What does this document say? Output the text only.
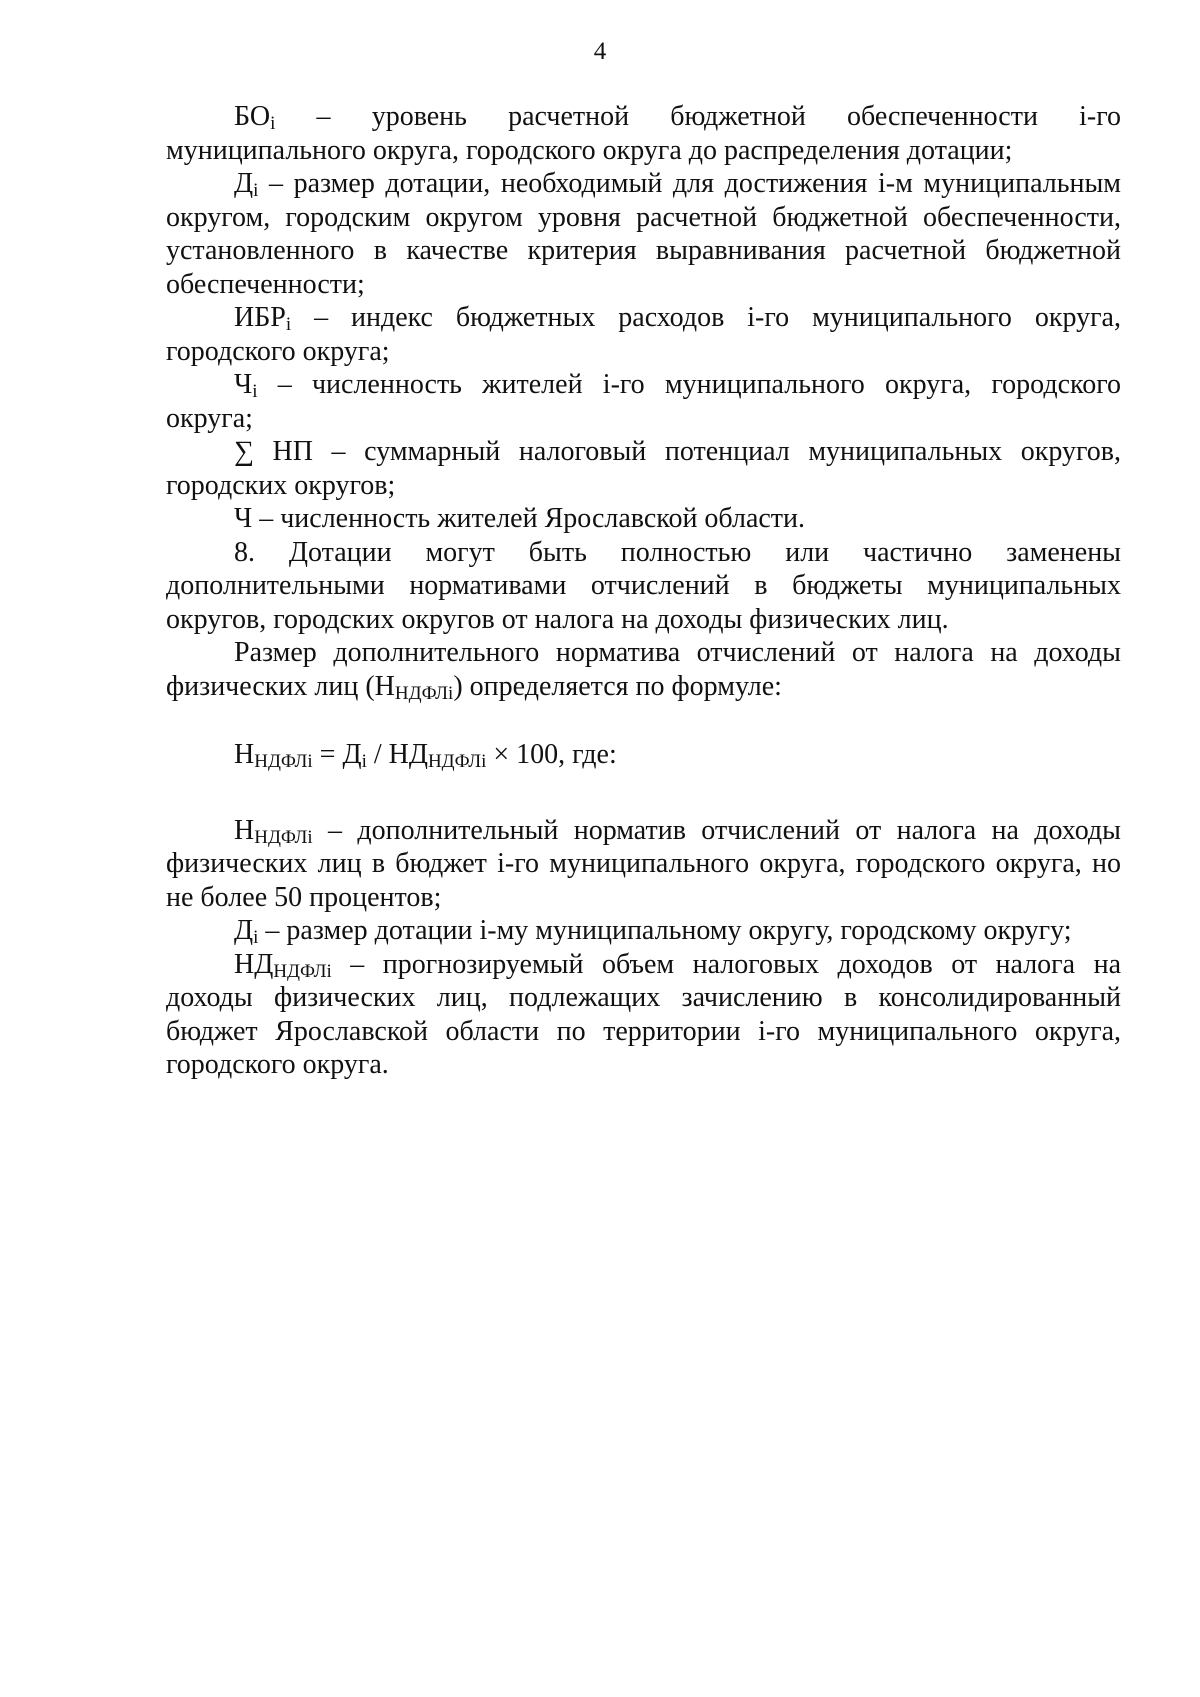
4

$БО_i$ – уровень расчетной бюджетной обеспеченности i-го муниципального округа, городского округа до распределения дотации;

$Д_i$ – размер дотации, необходимый для достижения i-м муниципальным округом, городским округом уровня расчетной бюджетной обеспеченности, установленного в качестве критерия выравнивания расчетной бюджетной обеспеченности;

$ИБР_i$ – индекс бюджетных расходов i-го муниципального округа, городского округа;

$Ч_i$ – численность жителей i-го муниципального округа, городского округа;

∑ НП – суммарный налоговый потенциал муниципальных округов, городских округов;

Ч – численность жителей Ярославской области.

8. Дотации могут быть полностью или частично заменены дополнительными нормативами отчислений в бюджеты муниципальных округов, городских округов от налога на доходы физических лиц.

Размер дополнительного норматива отчислений от налога на доходы физических лиц $(Н_{НДФЛi})$ определяется по формуле:

$Н_{НДФЛi} = Д_i / НД_{НДФЛi} \times 100$, где:

$Н_{НДФЛi}$ – дополнительный норматив отчислений от налога на доходы физических лиц в бюджет i-го муниципального округа, городского округа, но не более 50 процентов;

$Д_i$ – размер дотации i-му муниципальному округу, городскому округу;

$НД_{НДФЛi}$ – прогнозируемый объем налоговых доходов от налога на доходы физических лиц, подлежащих зачислению в консолидированный бюджет Ярославской области по территории i-го муниципального округа, городского округа.
